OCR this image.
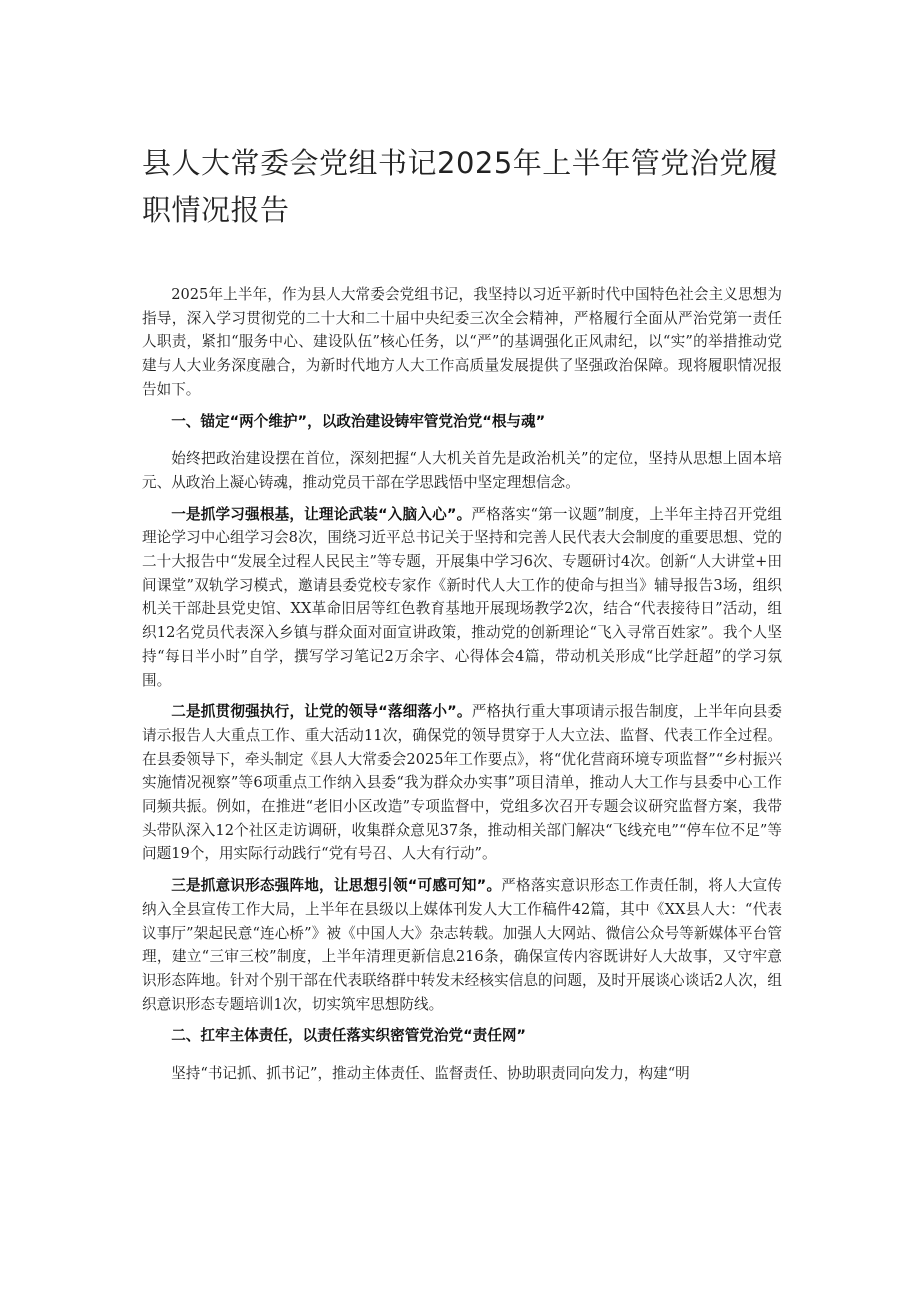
县人大常委会党组书记2025年上半年管党治党履职情况报告

2025年上半年，作为县人大常委会党组书记，我坚持以习近平新时代中国特色社会主义思想为指导，深入学习贯彻党的二十大和二十届中央纪委三次全会精神，严格履行全面从严治党第一责任人职责，紧扣“服务中心、建设队伍”核心任务，以“严”的基调强化正风肃纪，以“实”的举措推动党建与人大业务深度融合，为新时代地方人大工作高质量发展提供了坚强政治保障。现将履职情况报告如下。

一、锚定“两个维护”，以政治建设铸牢管党治党“根与魂”

始终把政治建设摆在首位，深刻把握“人大机关首先是政治机关”的定位，坚持从思想上固本培元、从政治上凝心铸魂，推动党员干部在学思践悟中坚定理想信念。

一是抓学习强根基，让理论武装“入脑入心”。严格落实“第一议题”制度，上半年主持召开党组理论学习中心组学习会8次，围绕习近平总书记关于坚持和完善人民代表大会制度的重要思想、党的二十大报告中“发展全过程人民民主”等专题，开展集中学习6次、专题研讨4次。创新“人大讲堂+田间课堂”双轨学习模式，邀请县委党校专家作《新时代人大工作的使命与担当》辅导报告3场，组织机关干部赴县党史馆、XX革命旧居等红色教育基地开展现场教学2次，结合“代表接待日”活动，组织12名党员代表深入乡镇与群众面对面宣讲政策，推动党的创新理论“飞入寻常百姓家”。我个人坚持“每日半小时”自学，撰写学习笔记2万余字、心得体会4篇，带动机关形成“比学赶超”的学习氛围。

二是抓贯彻强执行，让党的领导“落细落小”。严格执行重大事项请示报告制度，上半年向县委请示报告人大重点工作、重大活动11次，确保党的领导贯穿于人大立法、监督、代表工作全过程。在县委领导下，牵头制定《县人大常委会2025年工作要点》，将“优化营商环境专项监督”“乡村振兴实施情况视察”等6项重点工作纳入县委“我为群众办实事”项目清单，推动人大工作与县委中心工作同频共振。例如，在推进“老旧小区改造”专项监督中，党组多次召开专题会议研究监督方案，我带头带队深入12个社区走访调研，收集群众意见37条，推动相关部门解决“飞线充电”“停车位不足”等问题19个，用实际行动践行“党有号召、人大有行动”。

三是抓意识形态强阵地，让思想引领“可感可知”。严格落实意识形态工作责任制，将人大宣传纳入全县宣传工作大局，上半年在县级以上媒体刊发人大工作稿件42篇，其中《XX县人大：“代表议事厅”架起民意“连心桥”》被《中国人大》杂志转载。加强人大网站、微信公众号等新媒体平台管理，建立“三审三校”制度，上半年清理更新信息216条，确保宣传内容既讲好人大故事，又守牢意识形态阵地。针对个别干部在代表联络群中转发未经核实信息的问题，及时开展谈心谈话2人次，组织意识形态专题培训1次，切实筑牢思想防线。

二、扛牢主体责任，以责任落实织密管党治党“责任网”

坚持“书记抓、抓书记”，推动主体责任、监督责任、协助职责同向发力，构建“明
